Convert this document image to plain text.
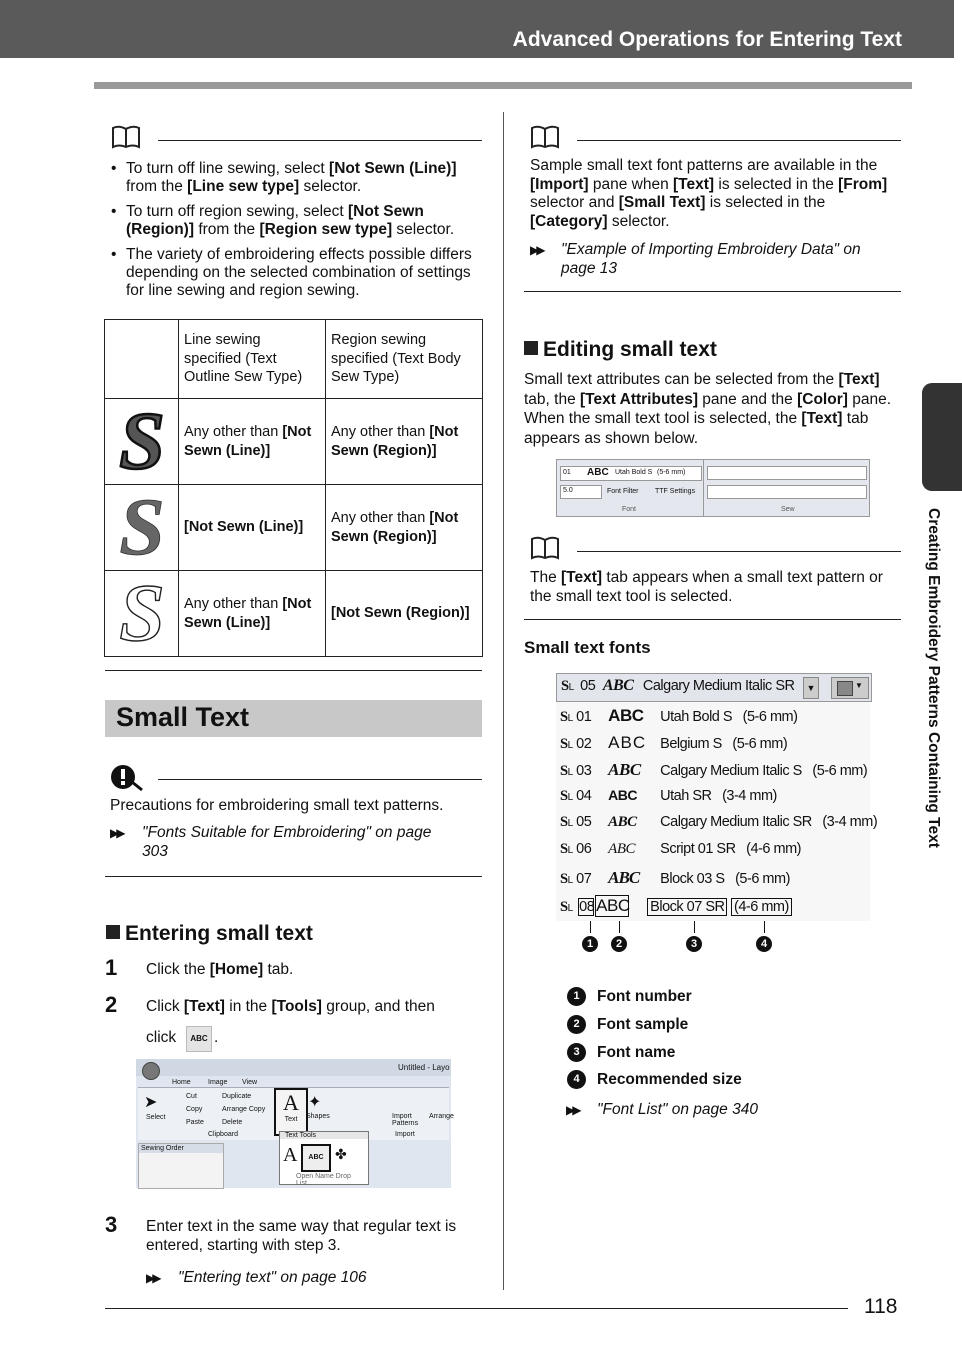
Advanced Operations for Entering Text
Creating Embroidery Patterns Containing Text
• To turn off line sewing, select [Not Sewn (Line)] from the [Line sew type] selector.
• To turn off region sewing, select [Not Sewn (Region)] from the [Region sew type] selector.
• The variety of embroidering effects possible differs depending on the selected combination of settings for line sewing and region sewing.
	Line sewing specified (Text Outline Sew Type)	Region sewing specified (Text Body Sew Type)

S	Any other than [Not Sewn (Line)]	Any other than [Not Sewn (Region)]

S	[Not Sewn (Line)]	Any other than [Not Sewn (Region)]

S	Any other than [Not Sewn (Line)]	[Not Sewn (Region)]
Small Text
Precautions for embroidering small text patterns.
▶▶	"Fonts Suitable for Embroidering" on page 303
Entering small text
1 Click the [Home] tab.
2 Click [Text] in the [Tools] group, and then
click	ABC .
Untitled - Layo
Home Image View
➤
Select
Cut
Copy
Paste
Duplicate
Arrange Copy
Delete
Clipboard
A
Text
✦
Shapes	Import Patterns
Import
Arrange
Sewing Order
Text Tools
A	ABC ✤
Open Name Drop List...
3 Enter text in the same way that regular text is entered, starting with step 3.
▶▶ "Entering text" on page 106
Sample small text font patterns are available in the [Import] pane when [Text] is selected in the [From] selector and [Small Text] is selected in the [Category] selector.
▶▶ "Example of Importing Embroidery Data" on page 13
Editing small text
Small text attributes can be selected from the [Text] tab, the [Text Attributes] pane and the [Color] pane. When the small text tool is selected, the [Text] tab appears as shown below.
01 ABC Utah Bold S (5-6 mm)
5.0	Font Filter TTF Settings
Font	Sew
The [Text] tab appears when a small text pattern or the small text tool is selected.
Small text fonts
SL 05 ABC Calgary Medium Italic SR	▼	▼
SL 01 ABC Utah Bold S (5-6 mm)
SL 02 ABC Belgium S (5-6 mm)
SL 03 ABC Calgary Medium Italic S (5-6 mm)
SL 04 ABC Utah SR (3-4 mm)
SL 05 ABC Calgary Medium Italic SR (3-4 mm)
SL 06 ABC Script 01 SR (4-6 mm)
SL 07 ABC Block 03 S (5-6 mm)
SL 08 ABC Block 07 SR (4-6 mm)
1	2	3	4
1	Font number
2	Font sample
3	Font name
4	Recommended size
▶▶ "Font List" on page 340
118
